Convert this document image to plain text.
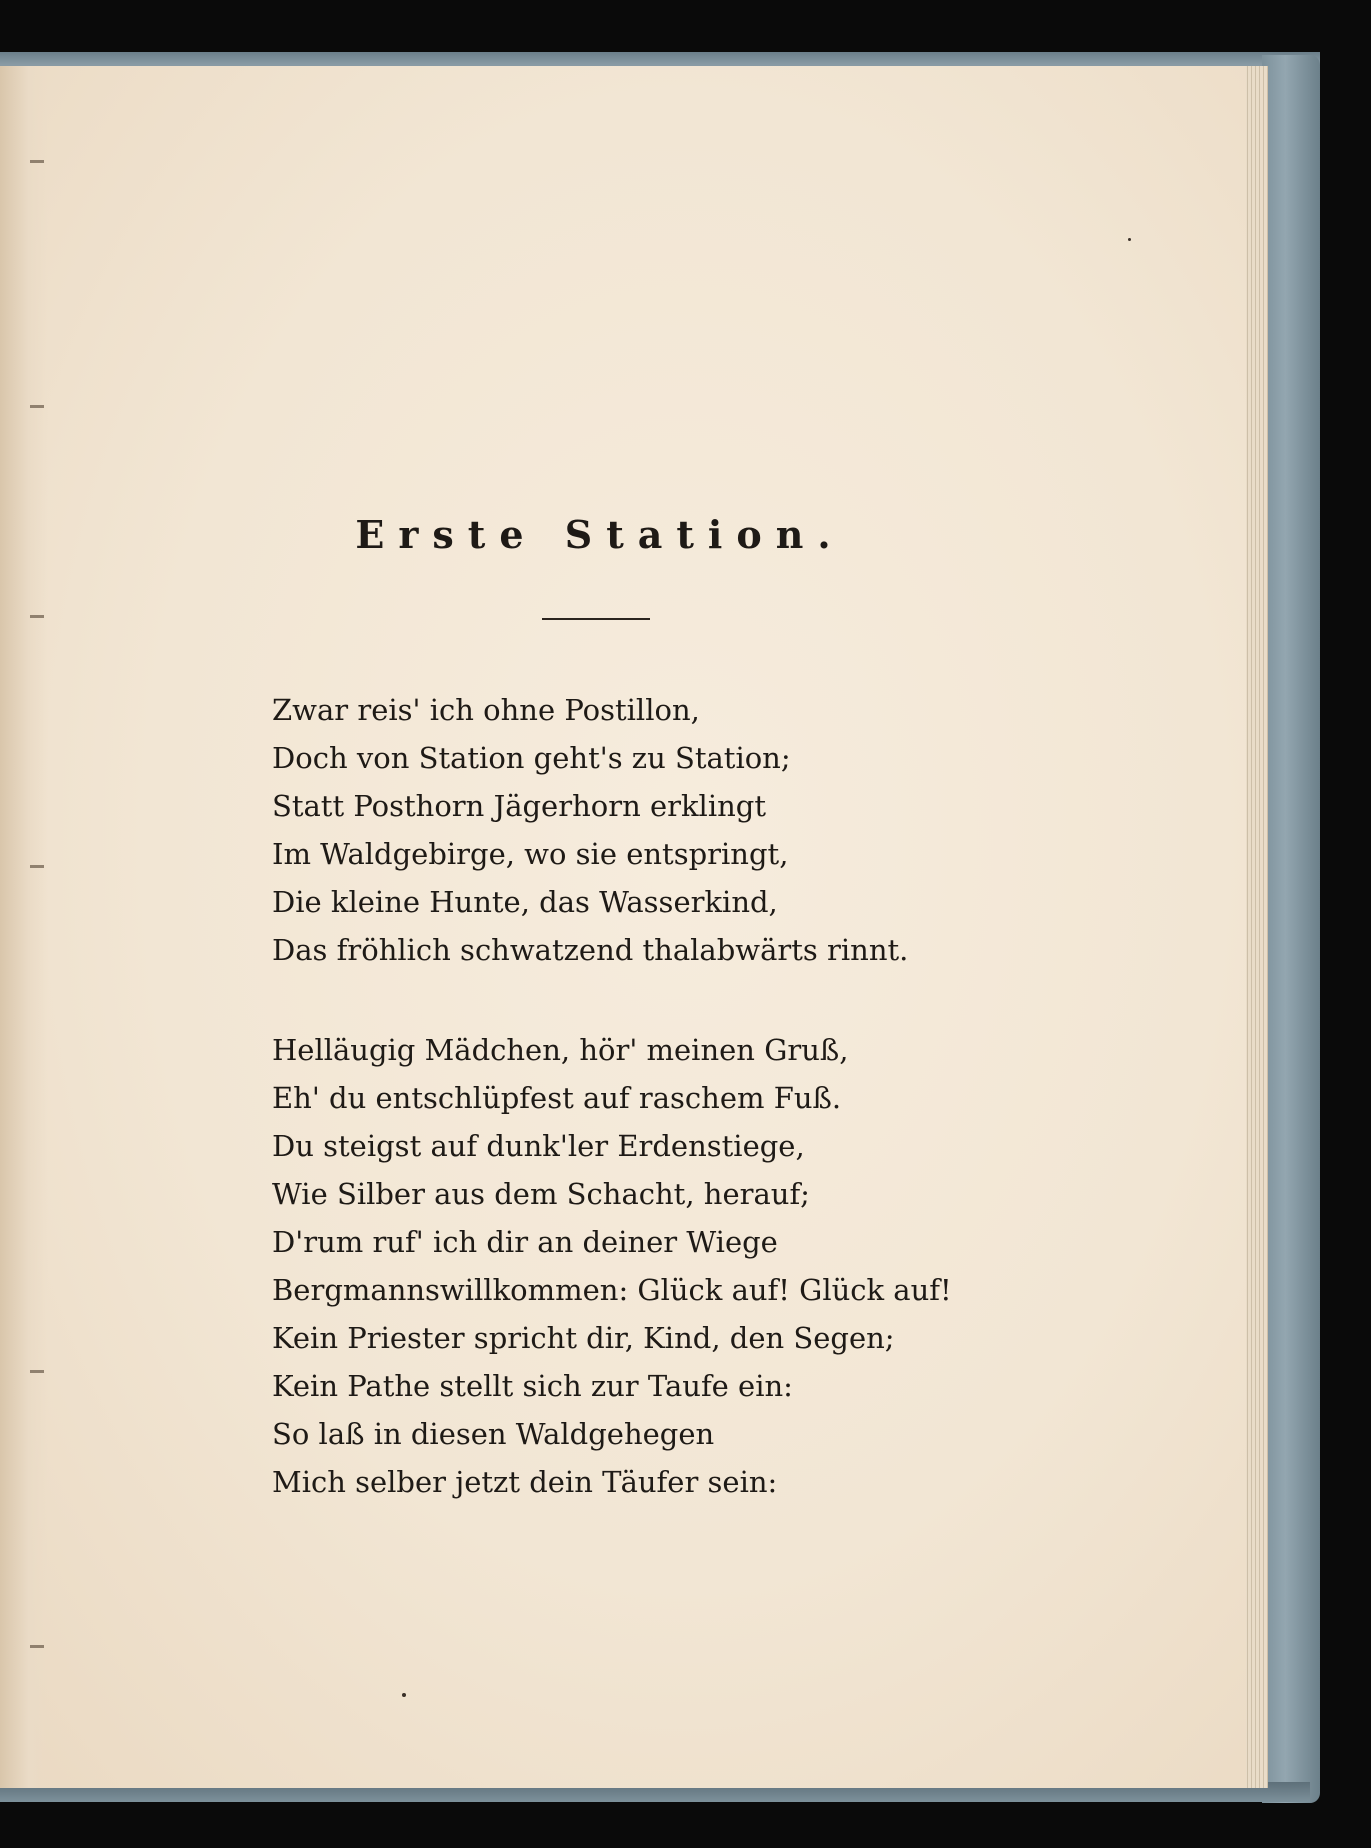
Erste Station.
Zwar reis' ich ohne Postillon,
Doch von Station geht's zu Station;
Statt Posthorn Jägerhorn erklingt
Im Waldgebirge, wo sie entspringt,
Die kleine Hunte, das Wasserkind,
Das fröhlich schwatzend thalabwärts rinnt.
Helläugig Mädchen, hör' meinen Gruß,
Eh' du entschlüpfest auf raschem Fuß.
Du steigst auf dunk'ler Erdenstiege,
Wie Silber aus dem Schacht, herauf;
D'rum ruf' ich dir an deiner Wiege
Bergmannswillkommen: Glück auf! Glück auf!
Kein Priester spricht dir, Kind, den Segen;
Kein Pathe stellt sich zur Taufe ein:
So laß in diesen Waldgehegen
Mich selber jetzt dein Täufer sein:
